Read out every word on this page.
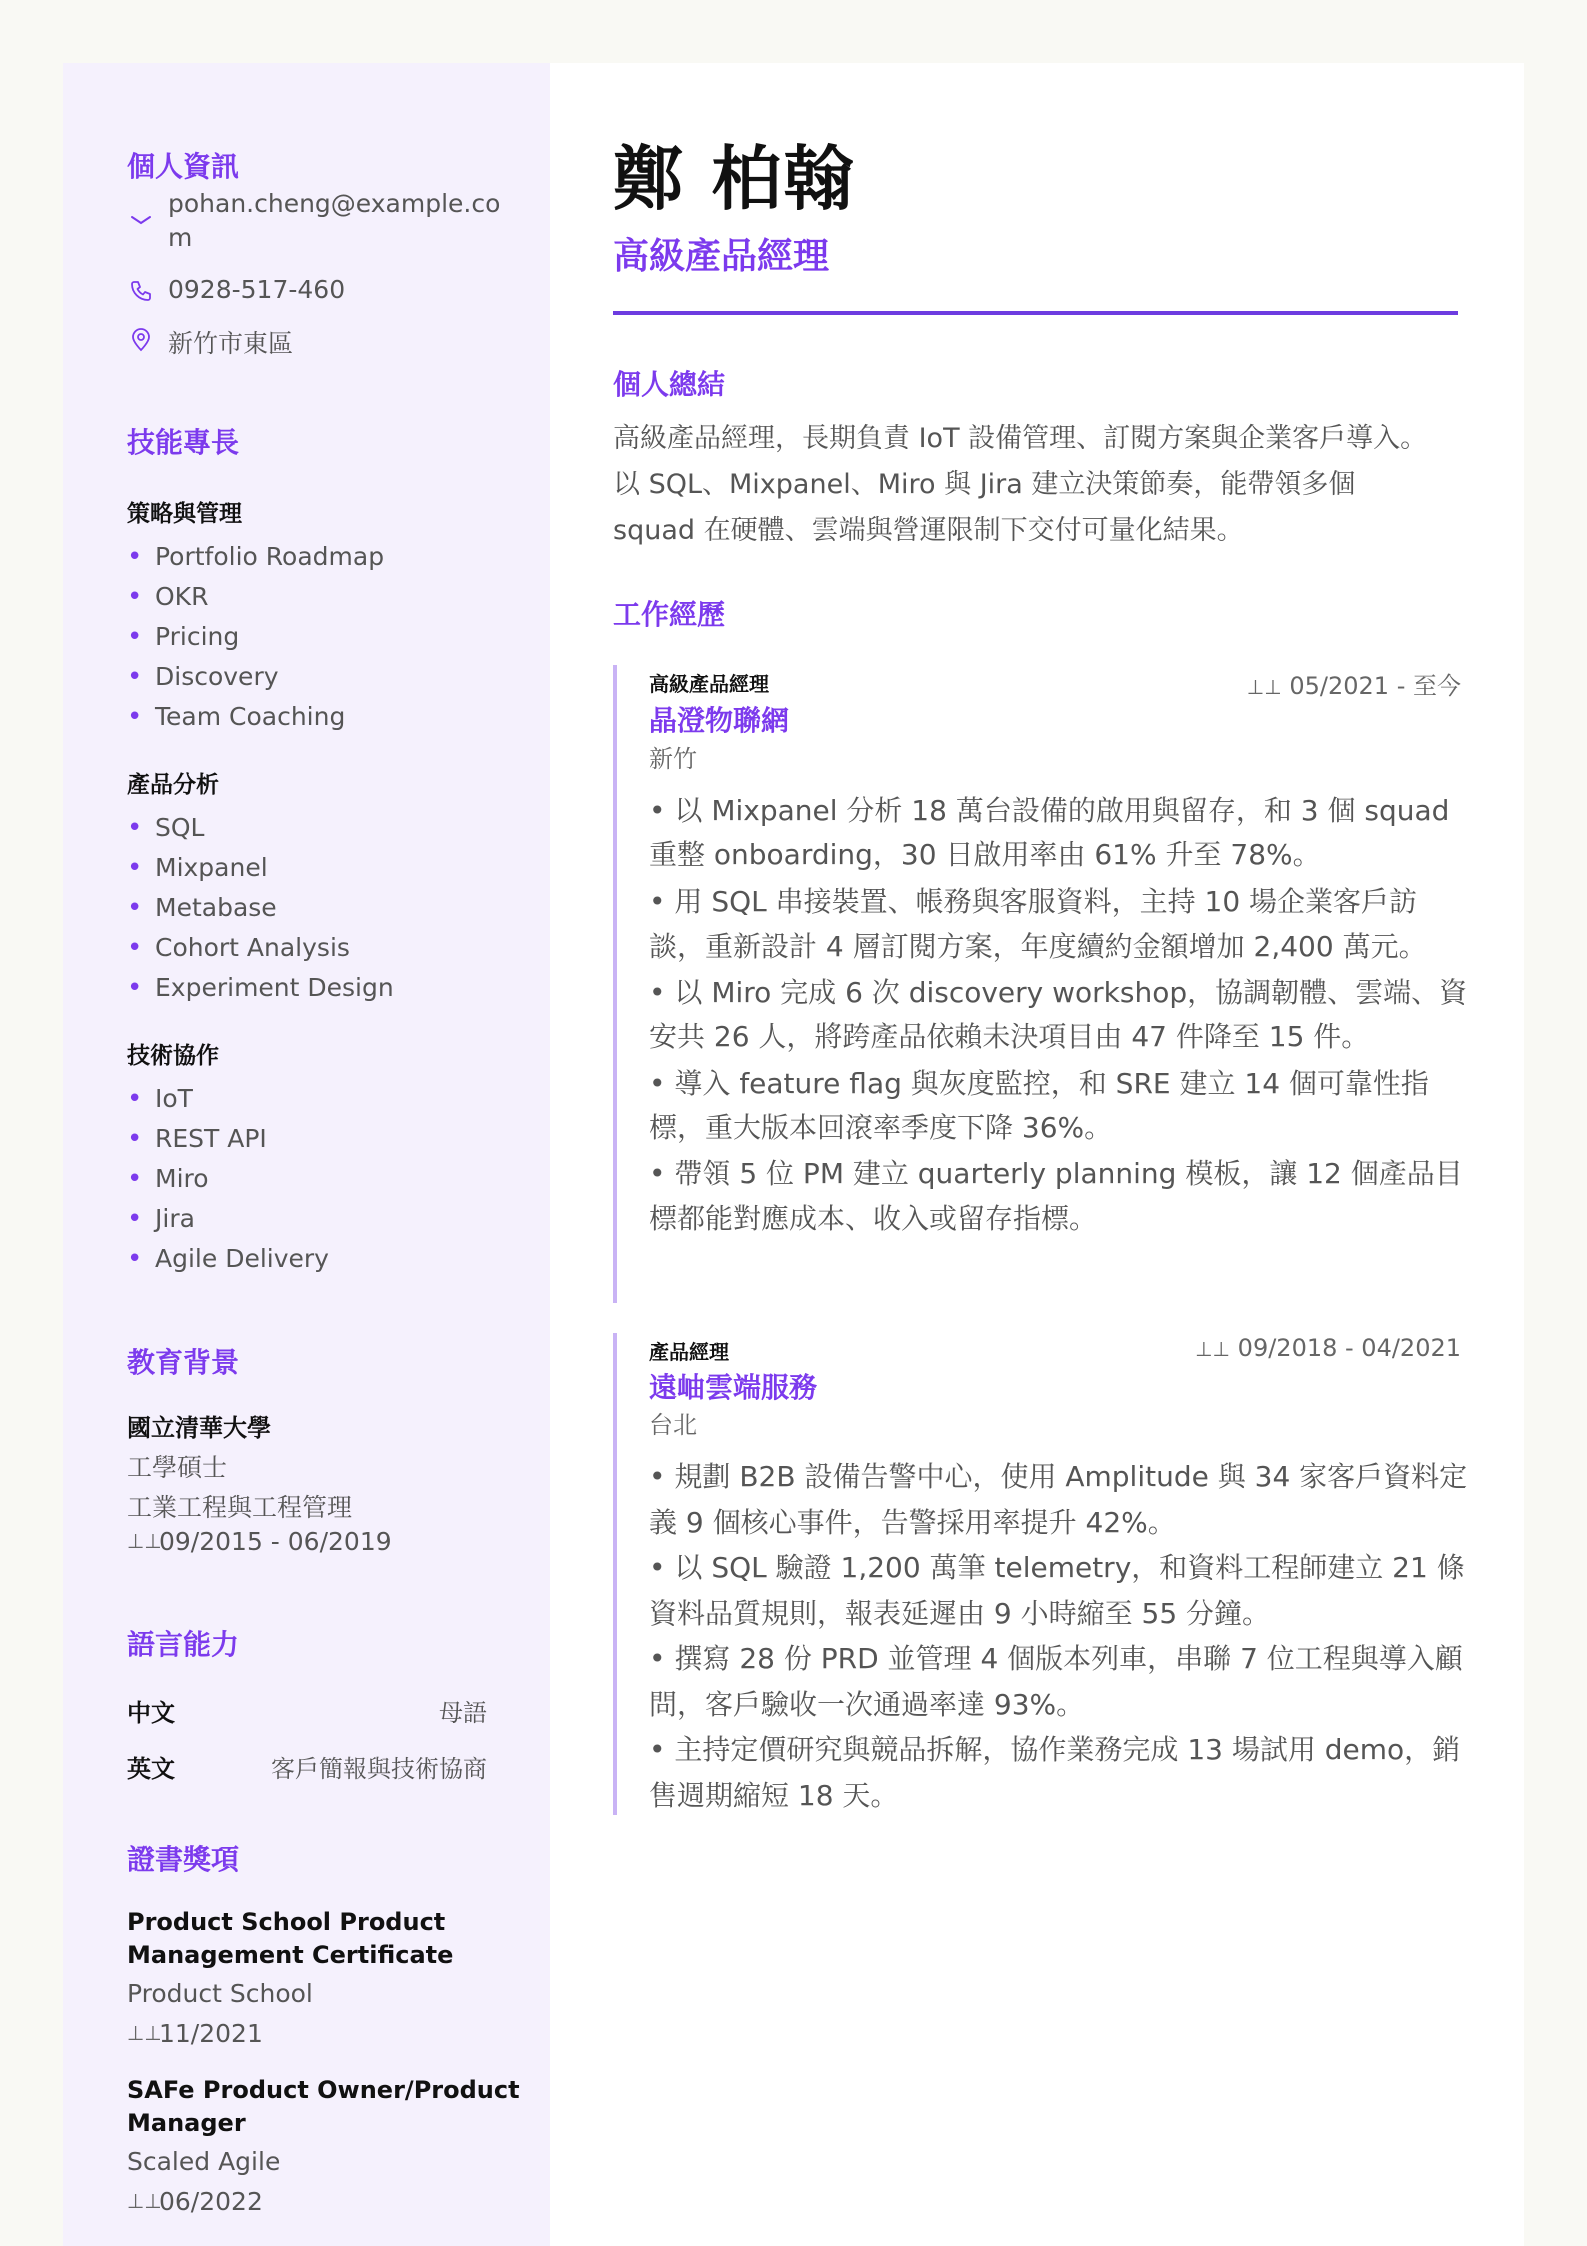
個人資訊
pohan.cheng@example.co
m
0928-517-460
新竹市東區
技能專長
策略與管理
• Portfolio Roadmap
• OKR
• Pricing
• Discovery
• Team Coaching
產品分析
• SQL
• Mixpanel
• Metabase
• Cohort Analysis
• Experiment Design
技術協作
• IoT
• REST API
• Miro
• Jira
• Agile Delivery
教育背景
國立清華大學
工學碩士
工業工程與工程管理
⊥⊥
09/2015 - 06/2019
語言能力
中文	母語
英文	客戶簡報與技術協商
證書獎項
Product School Product
Management Certificate
Product School
⊥⊥
11/2021
SAFe Product Owner/Product
Manager
Scaled Agile
⊥⊥
06/2022
鄭 柏翰
高級產品經理
個人總結
高級產品經理，長期負責 IoT 設備管理、訂閱方案與企業客戶導入。
以 SQL、Mixpanel、Miro 與 Jira 建立決策節奏，能帶領多個
squad 在硬體、雲端與營運限制下交付可量化結果。
工作經歷
高級產品經理	⊥⊥ 05/2021 - 至今
晶澄物聯網
新竹
• 以 Mixpanel 分析 18 萬台設備的啟用與留存，和 3 個 squad
重整 onboarding，30 日啟用率由 61% 升至 78%。
• 用 SQL 串接裝置、帳務與客服資料，主持 10 場企業客戶訪
談，重新設計 4 層訂閱方案，年度續約金額增加 2,400 萬元。
• 以 Miro 完成 6 次 discovery workshop，協調韌體、雲端、資
安共 26 人，將跨產品依賴未決項目由 47 件降至 15 件。
• 導入 feature flag 與灰度監控，和 SRE 建立 14 個可靠性指
標，重大版本回滾率季度下降 36%。
• 帶領 5 位 PM 建立 quarterly planning 模板，讓 12 個產品目
標都能對應成本、收入或留存指標。
產品經理	⊥⊥ 09/2018 - 04/2021
遠岫雲端服務
台北
• 規劃 B2B 設備告警中心，使用 Amplitude 與 34 家客戶資料定
義 9 個核心事件，告警採用率提升 42%。
• 以 SQL 驗證 1,200 萬筆 telemetry，和資料工程師建立 21 條
資料品質規則，報表延遲由 9 小時縮至 55 分鐘。
• 撰寫 28 份 PRD 並管理 4 個版本列車，串聯 7 位工程與導入顧
問，客戶驗收一次通過率達 93%。
• 主持定價研究與競品拆解，協作業務完成 13 場試用 demo，銷
售週期縮短 18 天。
